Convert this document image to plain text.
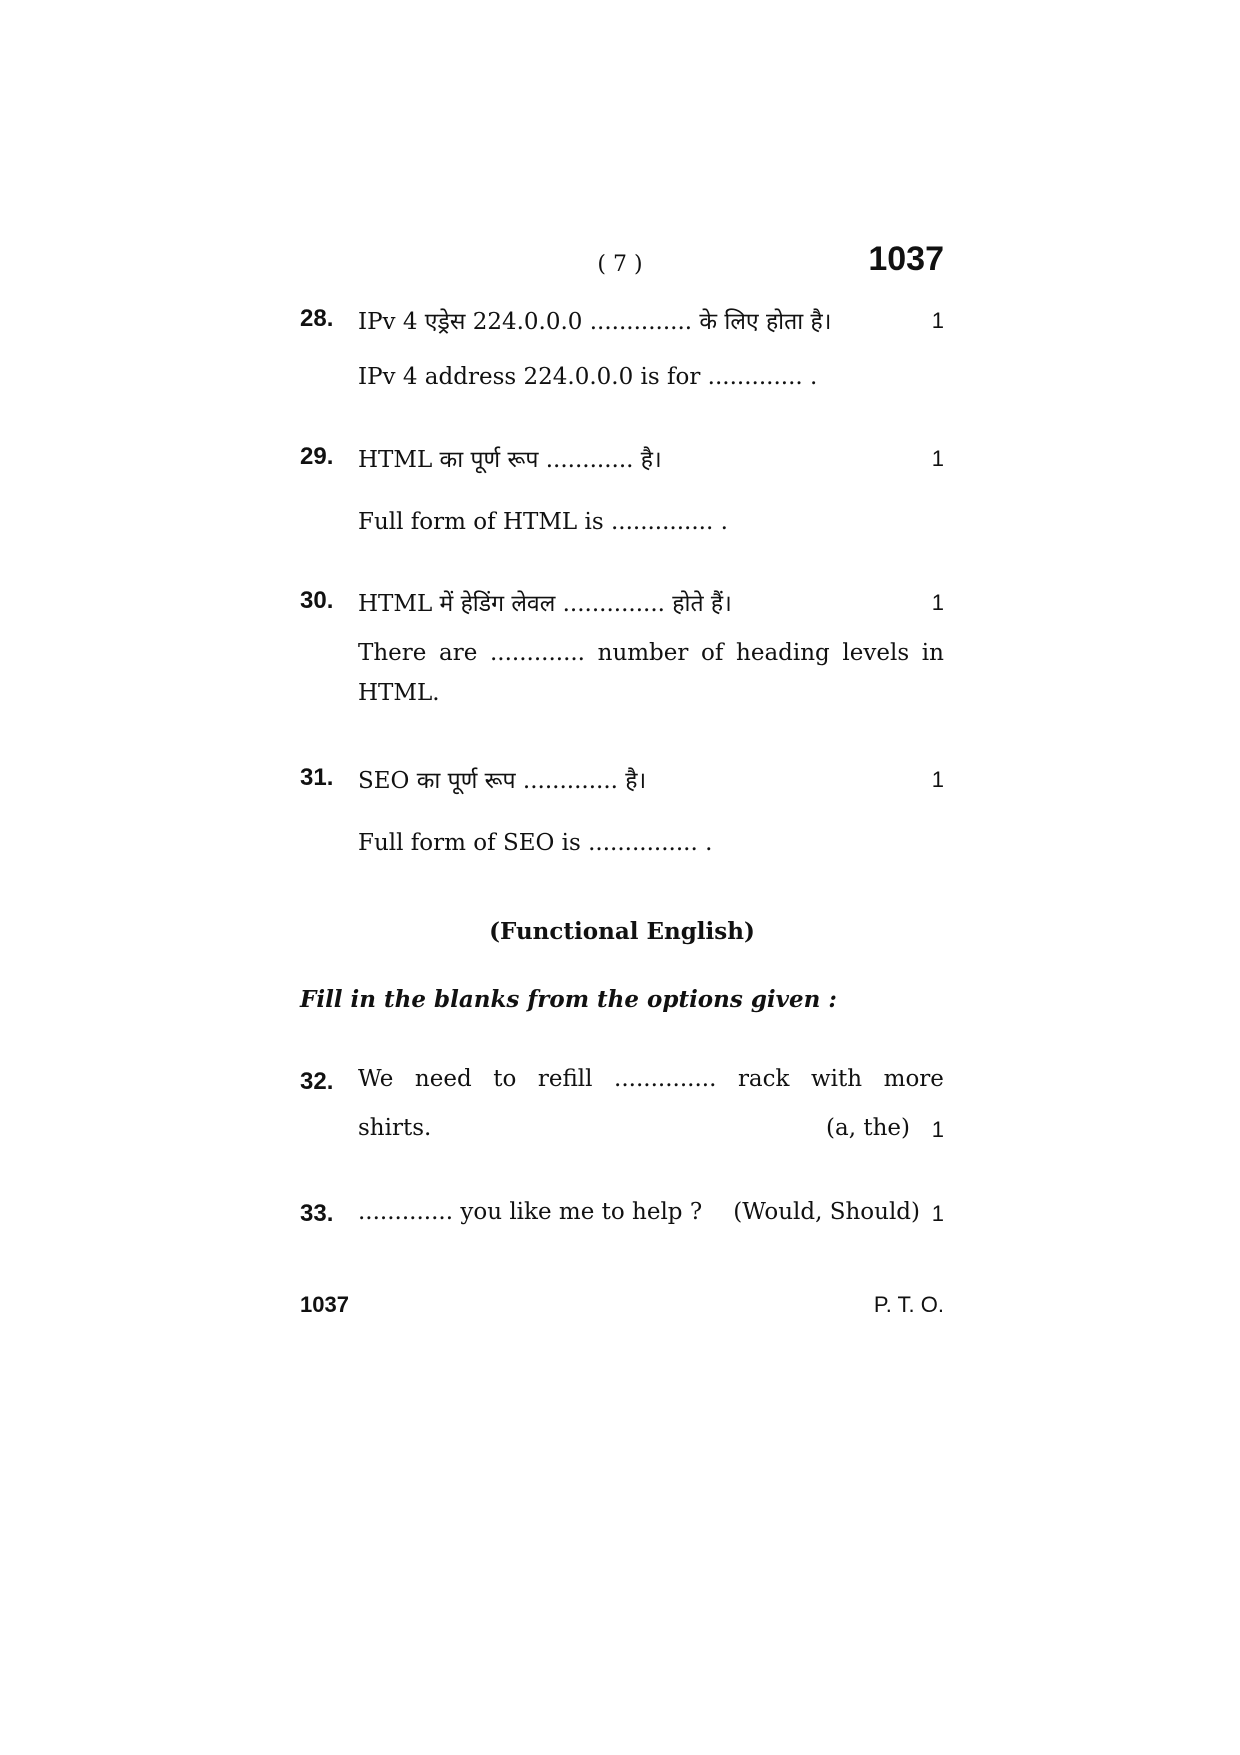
( 7 )	1037
28.	IPv 4 एड्रेस 224.0.0.0 .............. के लिए होता है।	1
IPv 4 address 224.0.0.0 is for ............. .
29.	HTML का पूर्ण रूप ............ है।	1
Full form of HTML is .............. .
30.	HTML में हेडिंग लेवल .............. होते हैं।	1
There are ............. number of heading levels in
HTML.
31.	SEO का पूर्ण रूप ............. है।	1
Full form of SEO is ............... .
(Functional English)
Fill in the blanks from the options given :
32.	We need to refill .............. rack with more
shirts.	(a, the) 1
33.	............. you like me to help ?	(Would, Should) 1
1037	P. T. O.
